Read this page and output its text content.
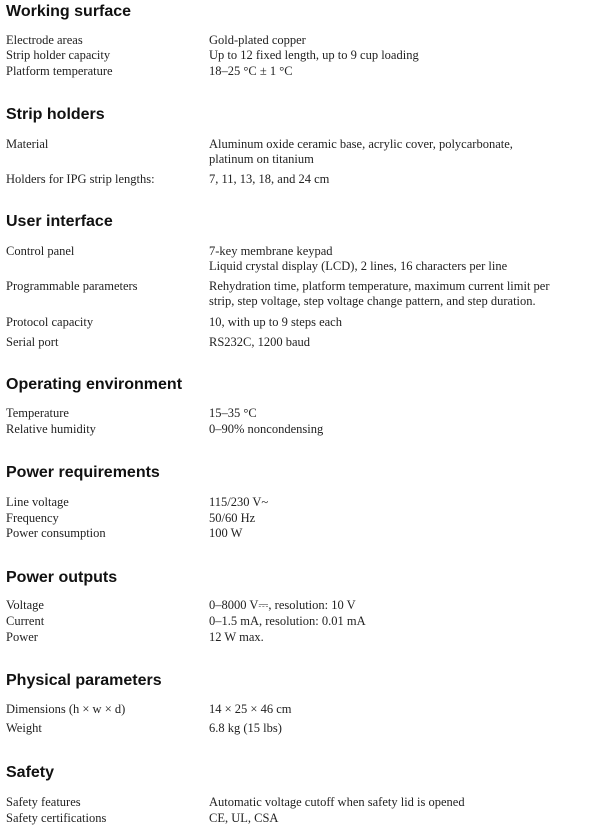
Working surface
Electrode areas	Gold-plated copper
Strip holder capacity	Up to 12 fixed length, up to 9 cup loading
Platform temperature	18–25 °C ± 1 °C
Strip holders
Material	Aluminum oxide ceramic base, acrylic cover, polycarbonate,
platinum on titanium
Holders for IPG strip lengths:	7, 11, 13, 18, and 24 cm
User interface
Control panel	7-key membrane keypad
Liquid crystal display (LCD), 2 lines, 16 characters per line
Programmable parameters	Rehydration time, platform temperature, maximum current limit per
strip, step voltage, step voltage change pattern, and step duration.
Protocol capacity	10, with up to 9 steps each
Serial port	RS232C, 1200 baud
Operating environment
Temperature	15–35 °C
Relative humidity	0–90% noncondensing
Power requirements
Line voltage	115/230 V~
Frequency	50/60 Hz
Power consumption	100 W
Power outputs
Voltage	0–8000 V⎓, resolution: 10 V
Current	0–1.5 mA, resolution: 0.01 mA
Power	12 W max.
Physical parameters
Dimensions (h × w × d)	14 × 25 × 46 cm
Weight	6.8 kg (15 lbs)
Safety
Safety features	Automatic voltage cutoff when safety lid is opened
Safety certifications	CE, UL, CSA
